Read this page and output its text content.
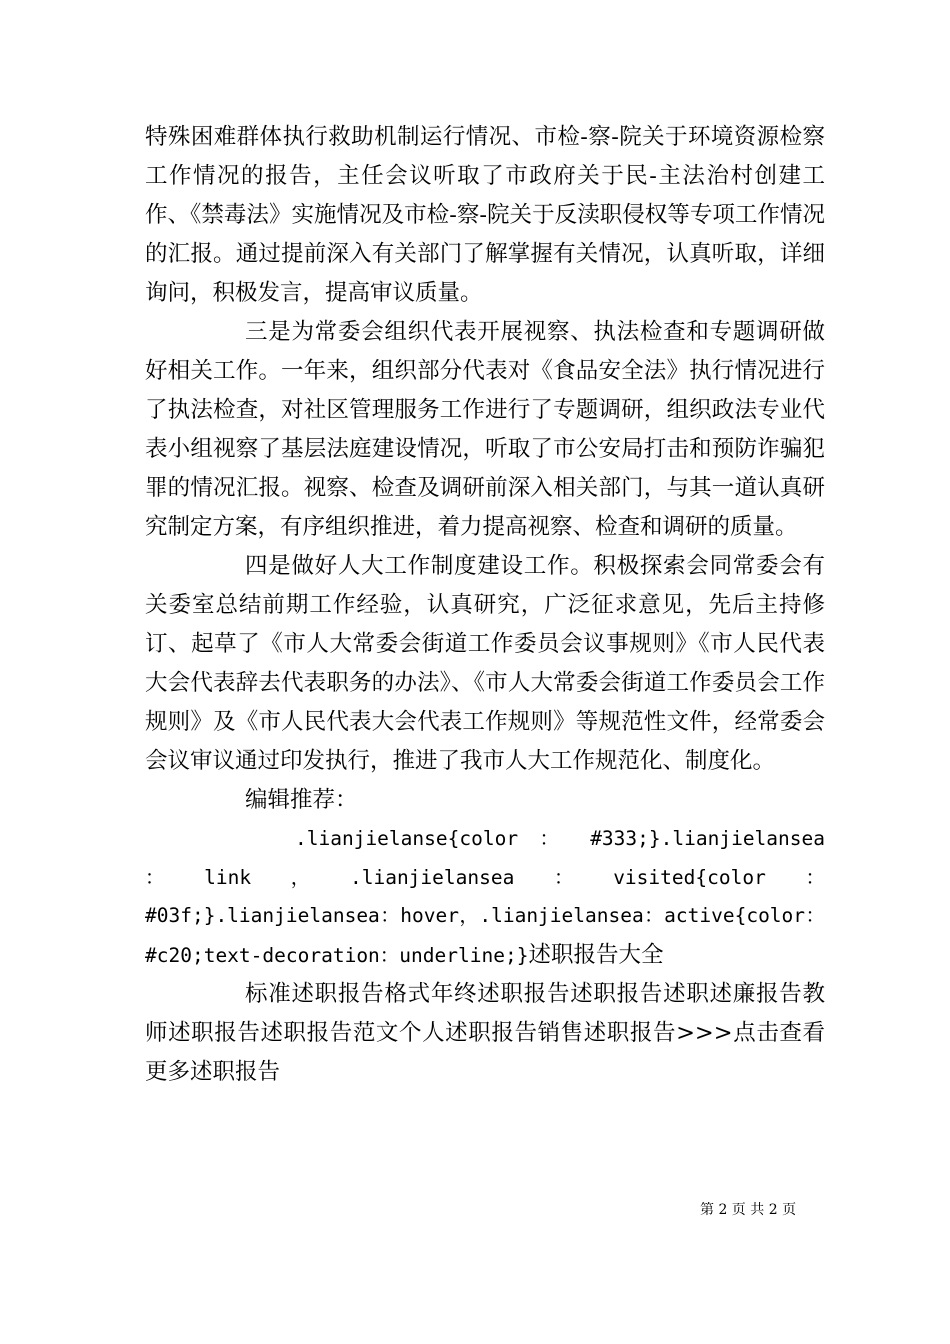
特殊困难群体执行救助机制运行情况、市检-察-院关于环境资源检察工作情况的报告，主任会议听取了市政府关于民-主法治村创建工作、《禁毒法》实施情况及市检-察-院关于反渎职侵权等专项工作情况的汇报。通过提前深入有关部门了解掌握有关情况，认真听取，详细询问，积极发言，提高审议质量。

三是为常委会组织代表开展视察、执法检查和专题调研做好相关工作。一年来，组织部分代表对《食品安全法》执行情况进行了执法检查，对社区管理服务工作进行了专题调研，组织政法专业代表小组视察了基层法庭建设情况，听取了市公安局打击和预防诈骗犯罪的情况汇报。视察、检查及调研前深入相关部门，与其一道认真研究制定方案，有序组织推进，着力提高视察、检查和调研的质量。

四是做好人大工作制度建设工作。积极探索会同常委会有关委室总结前期工作经验，认真研究，广泛征求意见，先后主持修订、起草了《市人大常委会街道工作委员会议事规则》《市人民代表大会代表辞去代表职务的办法》、《市人大常委会街道工作委员会工作规则》及《市人民代表大会代表工作规则》等规范性文件，经常委会会议审议通过印发执行，推进了我市人大工作规范化、制度化。

编辑推荐：

.lianjielanse{color ： #333;}.lianjielansea ：link，.lianjielansea：visited{color：#03f;}.lianjielansea：hover，.lianjielansea：active{color：#c20;text-decoration：underline;}述职报告大全

标准述职报告格式年终述职报告述职报告述职述廉报告教师述职报告述职报告范文个人述职报告销售述职报告>>>点击查看更多述职报告

第 2 页 共 2 页
